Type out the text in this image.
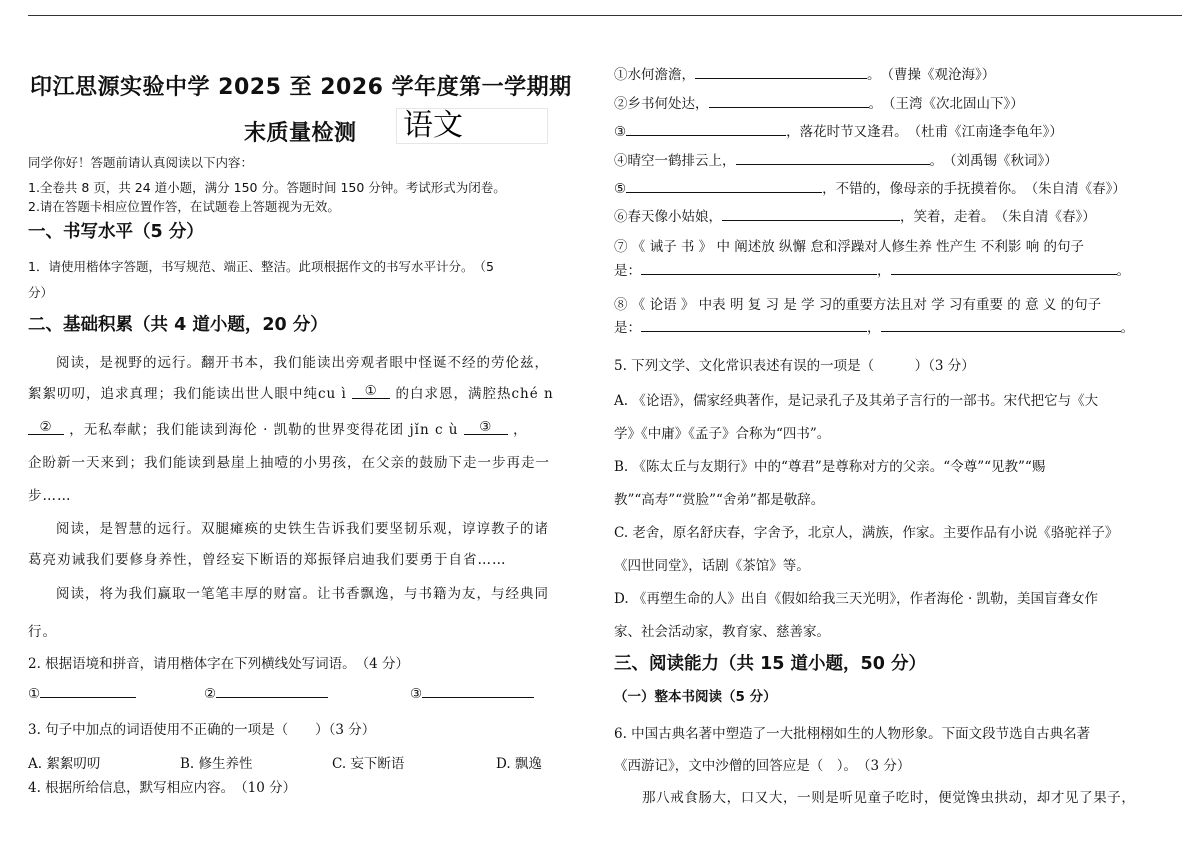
印江思源实验中学 2025 至 2026 学年度第一学期期
末质量检测 语文
同学你好！答题前请认真阅读以下内容：
1.全卷共 8 页，共 24 道小题，满分 150 分。答题时间 150 分钟。考试形式为闭卷。
2.请在答题卡相应位置作答，在试题卷上答题视为无效。
一、书写水平（5 分）
1．请使用楷体字答题，书写规范、端正、整洁。此项根据作文的书写水平计分。　（5
分）
二、基础积累（共 4 道小题，20 分）
阅读，是视野的远行。翻开书本，我们能读出旁观者眼中怪诞不经的劳伦兹，
絮絮叨叨，追求真理；我们能读出世人眼中纯cu ì ① 的白求恩，满腔热ché n
② ，无私奉献；我们能读到海伦 · 凯勒的世界变得花团 jǐn c ù ③ ，
企盼新一天来到；我们能读到悬崖上抽噎的小男孩，在父亲的鼓励下走一步再走一
步……
阅读，是智慧的远行。双腿瘫痪的史铁生告诉我们要坚韧乐观，谆谆教子的诸
葛亮劝诫我们要修身养性，曾经妄下断语的郑振铎启迪我们要勇于自省……
阅读，将为我们赢取一笔笔丰厚的财富。让书香飘逸，与书籍为友，与经典同
行。
2. 根据语境和拼音，请用楷体字在下列横线处写词语。　（4 分）
①	②	③
3. 句子中加点的词语使用不正确的一项是（　　）（3 分）
A. 絮絮叨叨	B. 修生养性	C. 妄下断语	D. 飘逸
4. 根据所给信息，默写相应内容。　（10 分）
①水何澹澹，	。　（曹操《观沧海》）
②乡书何处达，	。　（王湾《次北固山下》）
③	，落花时节又逢君。　（杜甫《江南逢李龟年》）
④晴空一鹤排云上，	。　（刘禹锡《秋词》）
⑤	，不错的，像母亲的手抚摸着你。　（朱自清《春》）
⑥春天像小姑娘，	，笑着，走着。　（朱自清《春》）
⑦ 《 诫子 书 》 中 阐述放 纵懈 怠和浮躁对人修生养 性产生 不利影 响 的句子
是：	，	。
⑧ 《 论语 》 中表 明 复 习 是 学 习的重要方法且对 学 习有重要 的 意 义 的句子
是：	，	。
5. 下列文学、文化常识表述有误的一项是（　　　）（3 分）
A. 《论语》，儒家经典著作，是记录孔子及其弟子言行的一部书。宋代把它与《大
学》《中庸》《孟子》合称为“四书”。
B. 《陈太丘与友期行》中的“尊君”是尊称对方的父亲。“令尊”“见教”“赐
教”“高寿”“赏脸”“舍弟”都是敬辞。
C. 老舍，原名舒庆春，字舍予，北京人，满族，作家。主要作品有小说《骆驼祥子》
《四世同堂》，话剧《茶馆》等。
D. 《再塑生命的人》出自《假如给我三天光明》，作者海伦 · 凯勒，美国盲聋女作
家、社会活动家，教育家、慈善家。
三、阅读能力（共 15 道小题，50 分）
（一）整本书阅读（5 分）
6. 中国古典名著中塑造了一大批栩栩如生的人物形象。下面文段节选自古典名著
《西游记》，文中沙僧的回答应是（　）。　（3 分）
那八戒食肠大，口又大，一则是听见童子吃时，便觉馋虫拱动，却才见了果子，
